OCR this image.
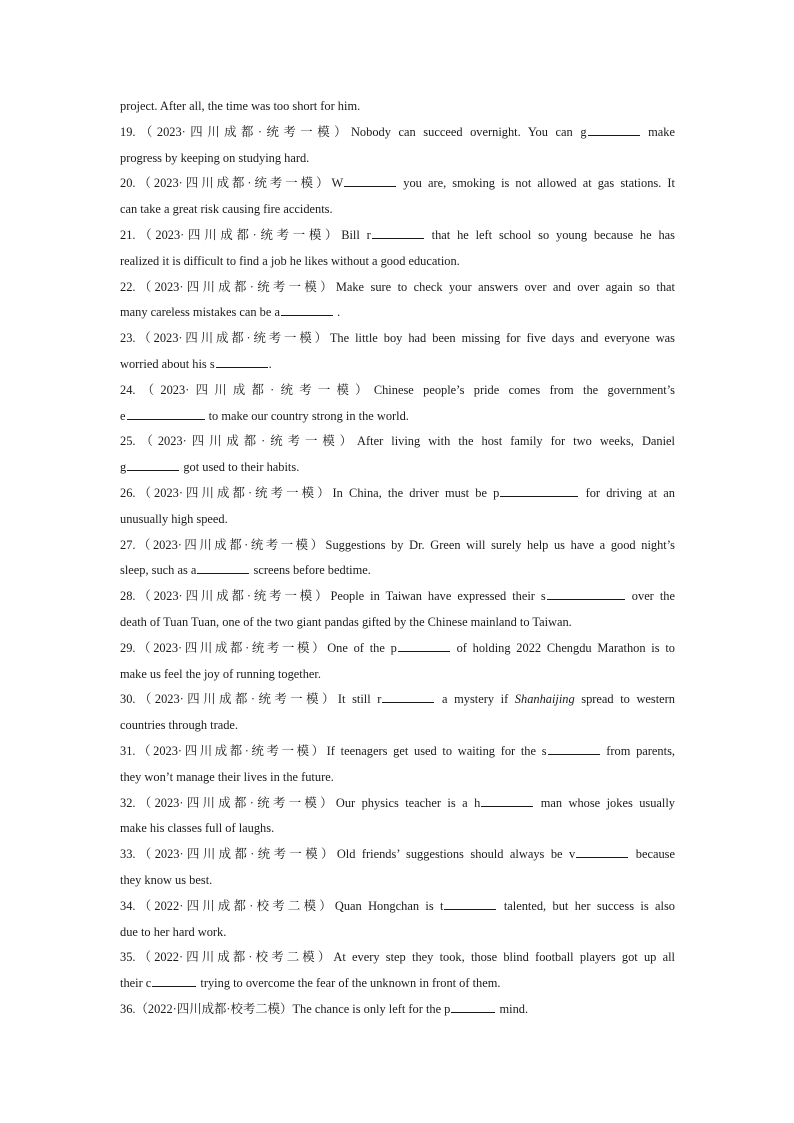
project. After all, the time was too short for him.
19.（2023·四川成都·统考一模）Nobody can succeed overnight. You can g	make
progress by keeping on studying hard.
20.（2023·四川成都·统考一模）W	you are, smoking is not allowed at gas stations. It
can take a great risk causing fire accidents.
21.（2023·四川成都·统考一模）Bill r	that he left school so young because he has
realized it is difficult to find a job he likes without a good education.
22.（2023·四川成都·统考一模）Make sure to check your answers over and over again so that
many careless mistakes can be a	.
23.（2023·四川成都·统考一模）The little boy had been missing for five days and everyone was
worried about his s	.
24.（2023·四川成都·统考一模）Chinese people’s pride comes from the government’s
e	to make our country strong in the world.
25.（2023·四川成都·统考一模）After living with the host family for two weeks, Daniel
g	got used to their habits.
26.（2023·四川成都·统考一模）In China, the driver must be p	for driving at an
unusually high speed.
27.（2023·四川成都·统考一模）Suggestions by Dr. Green will surely help us have a good night’s
sleep, such as a	screens before bedtime.
28.（2023·四川成都·统考一模）People in Taiwan have expressed their s	over the
death of Tuan Tuan, one of the two giant pandas gifted by the Chinese mainland to Taiwan.
29.（2023·四川成都·统考一模）One of the p	of holding 2022 Chengdu Marathon is to
make us feel the joy of running together.
30.（2023·四川成都·统考一模）It still r	a mystery if Shanhaijing spread to western
countries through trade.
31.（2023·四川成都·统考一模）If teenagers get used to waiting for the s	from parents,
they won’t manage their lives in the future.
32.（2023·四川成都·统考一模）Our physics teacher is a h	man whose jokes usually
make his classes full of laughs.
33.（2023·四川成都·统考一模）Old friends’ suggestions should always be v	because
they know us best.
34.（2022·四川成都·校考二模）Quan Hongchan is t	talented, but her success is also
due to her hard work.
35.（2022·四川成都·校考二模）At every step they took, those blind football players got up all
their c	trying to overcome the fear of the unknown in front of them.
36.（2022·四川成都·校考二模）The chance is only left for the p	mind.
